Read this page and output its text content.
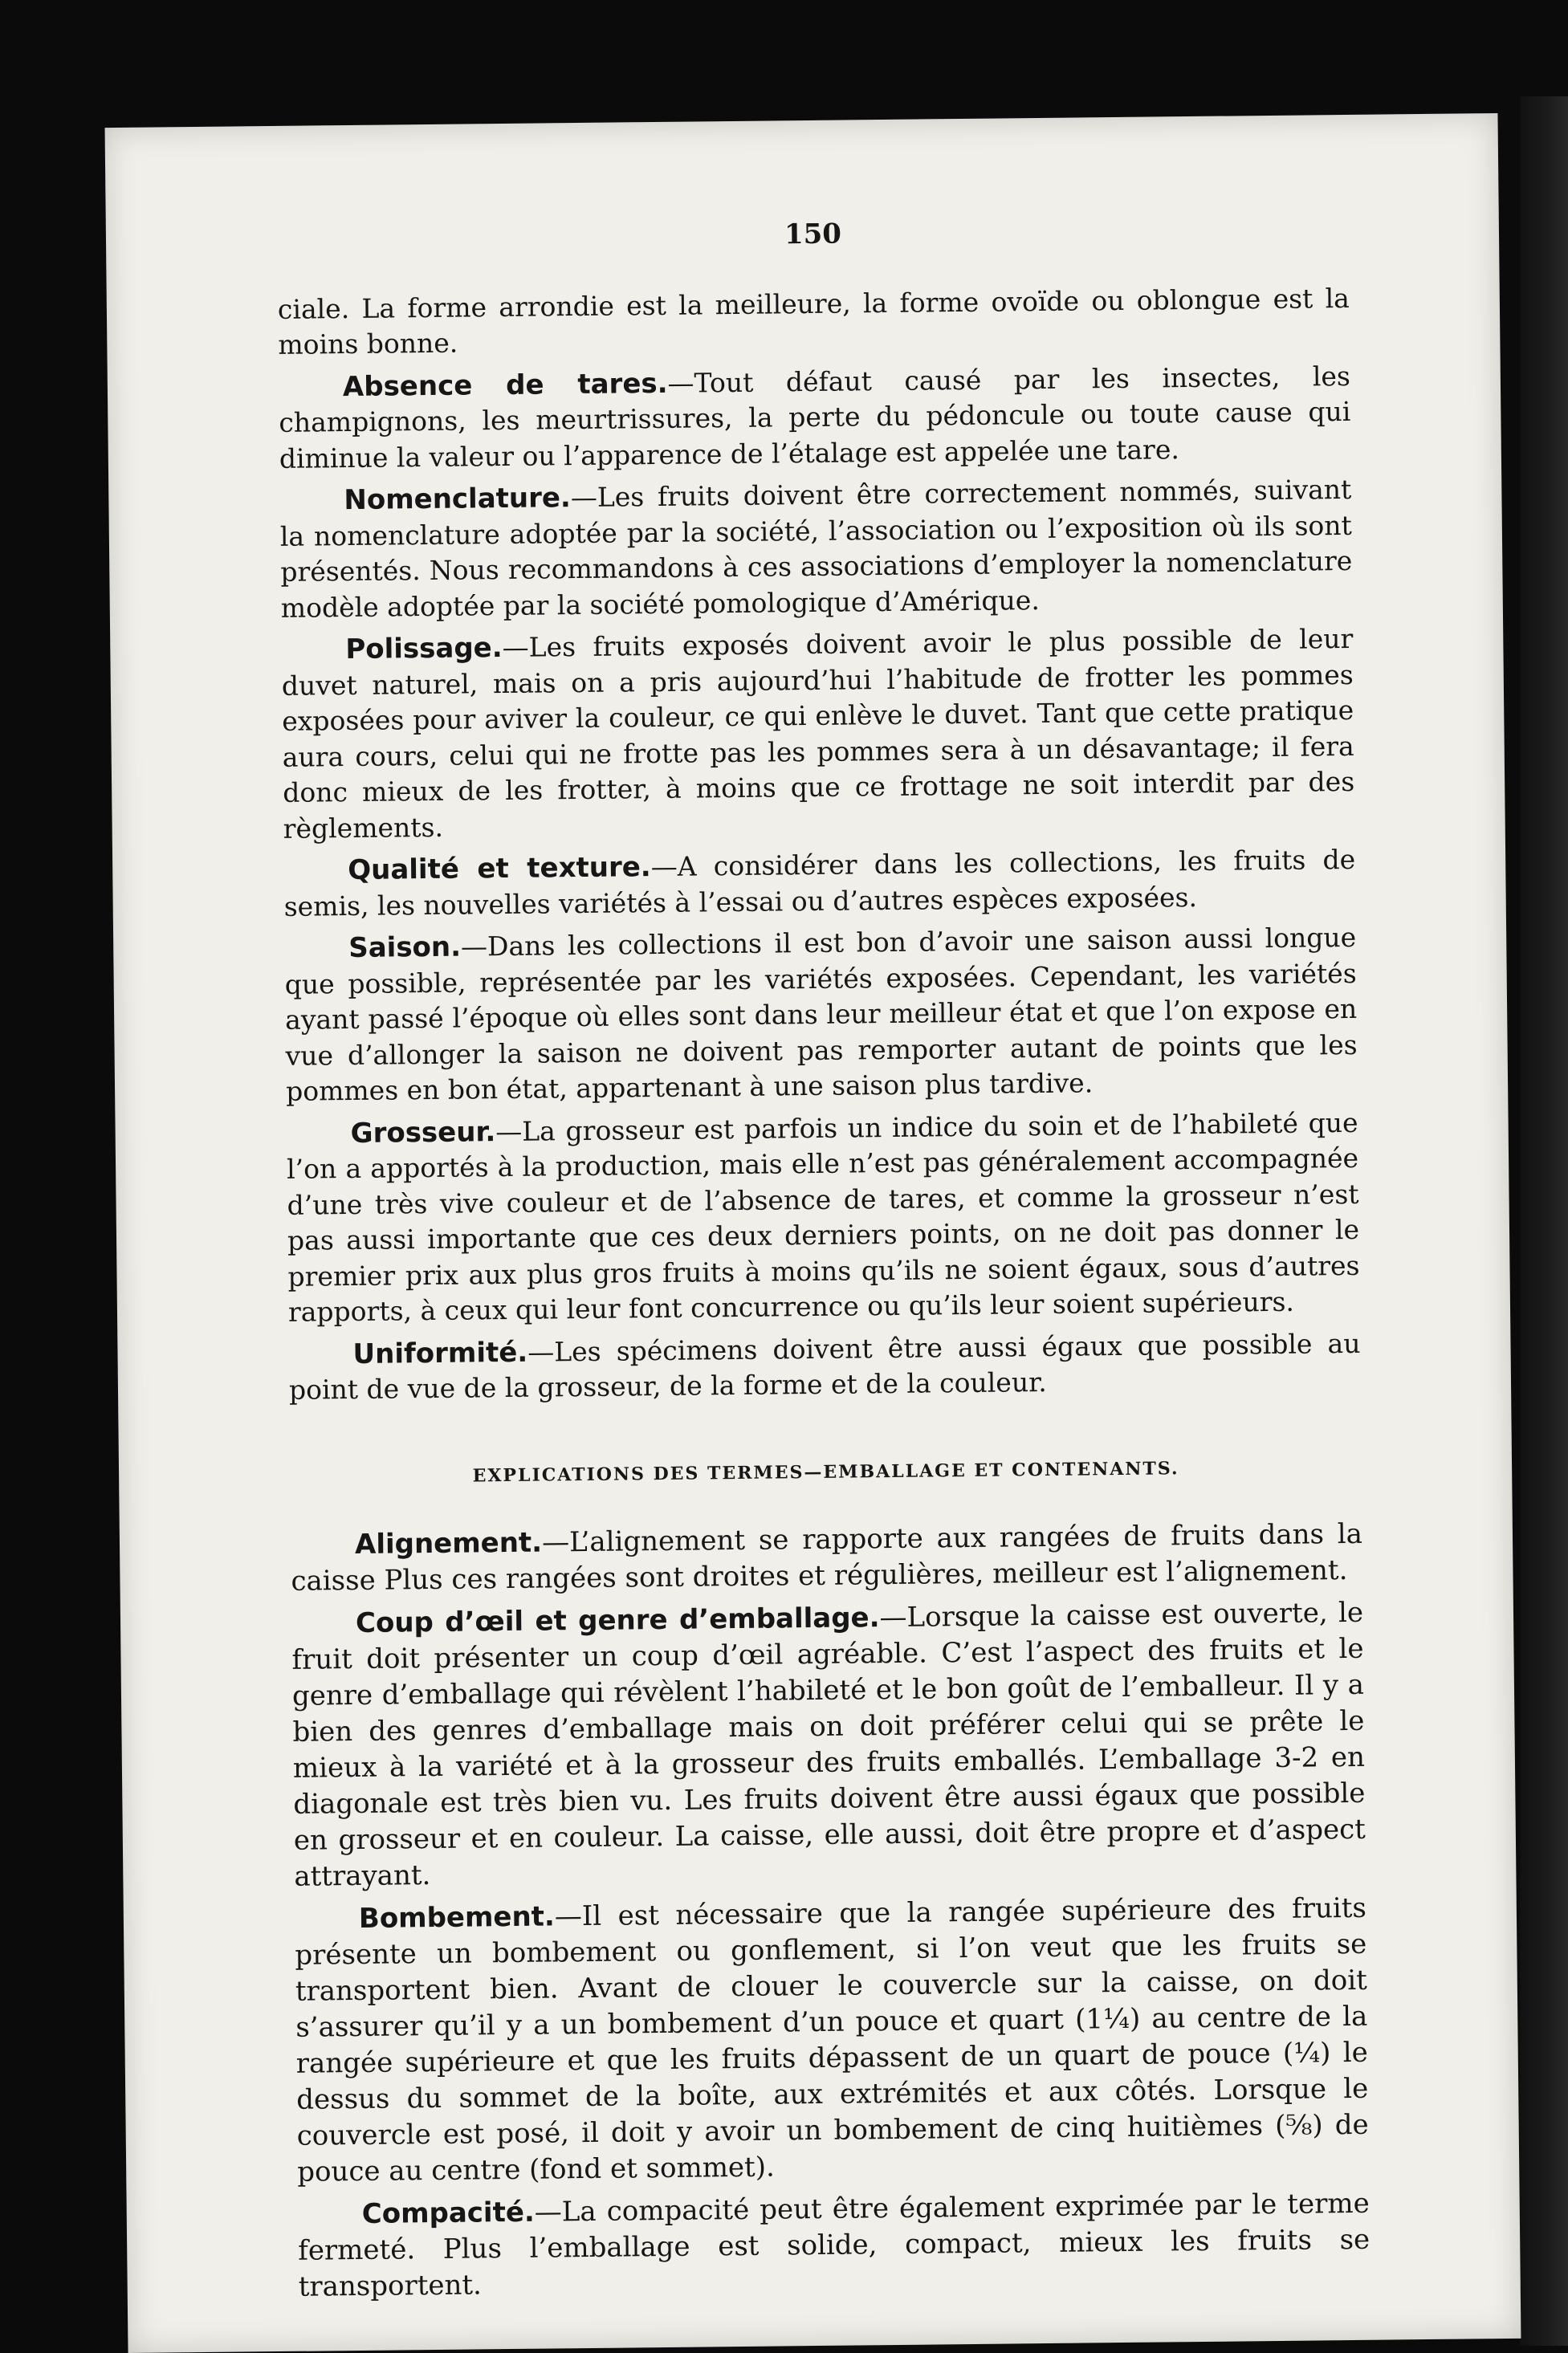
150

ciale. La forme arrondie est la meilleure, la forme ovoïde ou oblongue est la moins bonne.

Absence de tares.—Tout défaut causé par les insectes, les champignons, les meurtrissures, la perte du pédoncule ou toute cause qui diminue la valeur ou l’apparence de l’étalage est appelée une tare.

Nomenclature.—Les fruits doivent être correctement nommés, suivant la nomenclature adoptée par la société, l’association ou l’exposition où ils sont présentés. Nous recommandons à ces associations d’employer la nomenclature modèle adoptée par la société pomologique d’Amérique.

Polissage.—Les fruits exposés doivent avoir le plus possible de leur duvet naturel, mais on a pris aujourd’hui l’habitude de frotter les pommes exposées pour aviver la couleur, ce qui enlève le duvet. Tant que cette pratique aura cours, celui qui ne frotte pas les pommes sera à un désavantage; il fera donc mieux de les frotter, à moins que ce frottage ne soit interdit par des règlements.

Qualité et texture.—A considérer dans les collections, les fruits de semis, les nouvelles variétés à l’essai ou d’autres espèces exposées.

Saison.—Dans les collections il est bon d’avoir une saison aussi longue que possible, représentée par les variétés exposées. Cependant, les variétés ayant passé l’époque où elles sont dans leur meilleur état et que l’on expose en vue d’allonger la saison ne doivent pas remporter autant de points que les pommes en bon état, appartenant à une saison plus tardive.

Grosseur.—La grosseur est parfois un indice du soin et de l’habileté que l’on a apportés à la production, mais elle n’est pas généralement accompagnée d’une très vive couleur et de l’absence de tares, et comme la grosseur n’est pas aussi importante que ces deux derniers points, on ne doit pas donner le premier prix aux plus gros fruits à moins qu’ils ne soient égaux, sous d’autres rapports, à ceux qui leur font concurrence ou qu’ils leur soient supérieurs.

Uniformité.—Les spécimens doivent être aussi égaux que possible au point de vue de la grosseur, de la forme et de la couleur.

EXPLICATIONS DES TERMES—EMBALLAGE ET CONTENANTS.

Alignement.—L’alignement se rapporte aux rangées de fruits dans la caisse Plus ces rangées sont droites et régulières, meilleur est l’alignement.

Coup d’œil et genre d’emballage.—Lorsque la caisse est ouverte, le fruit doit présenter un coup d’œil agréable. C’est l’aspect des fruits et le genre d’emballage qui révèlent l’habileté et le bon goût de l’emballeur. Il y a bien des genres d’emballage mais on doit préférer celui qui se prête le mieux à la variété et à la grosseur des fruits emballés. L’emballage 3-2 en diagonale est très bien vu. Les fruits doivent être aussi égaux que possible en grosseur et en couleur. La caisse, elle aussi, doit être propre et d’aspect attrayant.

Bombement.—Il est nécessaire que la rangée supérieure des fruits présente un bombement ou gonflement, si l’on veut que les fruits se transportent bien. Avant de clouer le couvercle sur la caisse, on doit s’assurer qu’il y a un bombement d’un pouce et quart (1¼) au centre de la rangée supérieure et que les fruits dépassent de un quart de pouce (¼) le dessus du sommet de la boîte, aux extrémités et aux côtés. Lorsque le couvercle est posé, il doit y avoir un bombement de cinq huitièmes (⅝) de pouce au centre (fond et sommet).

Compacité.—La compacité peut être également exprimée par le terme fermeté. Plus l’emballage est solide, compact, mieux les fruits se transportent.
